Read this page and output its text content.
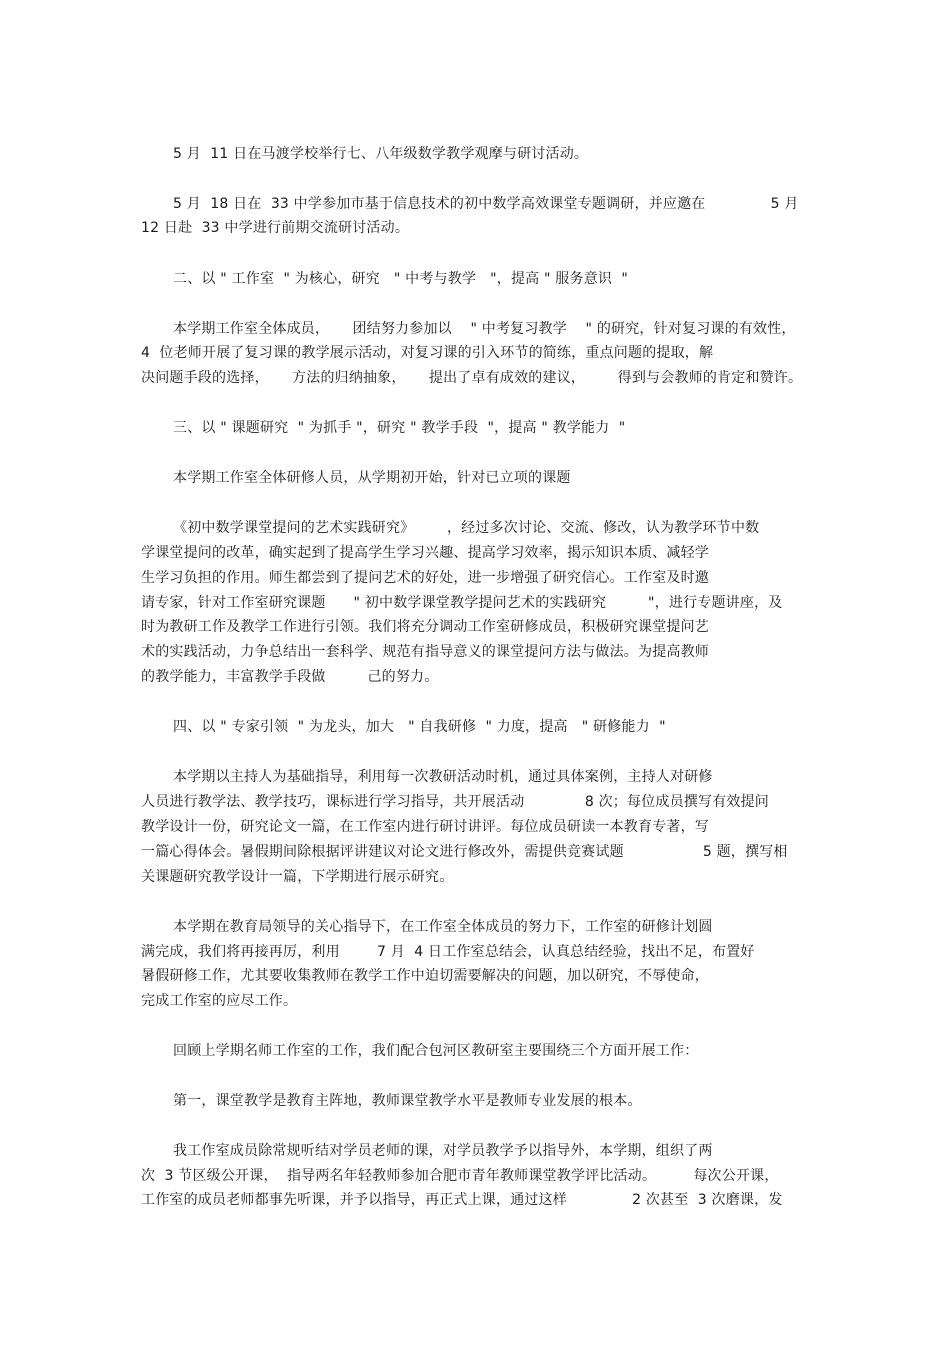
5 月  11 日在马渡学校举行七、八年级数学教学观摩与研讨活动。
5 月  18 日在  33 中学参加市基于信息技术的初中数学高效课堂专题调研，并应邀在              5 月
12 日赴  33 中学进行前期交流研讨活动。
二、以 " 工作室  " 为核心，研究   " 中考与教学   "，提高 " 服务意识  "
本学期工作室全体成员，     团结努力参加以    " 中考复习教学    " 的研究，针对复习课的有效性，
4  位老师开展了复习课的教学展示活动，对复习课的引入环节的简练，重点问题的提取，解
决问题手段的选择，     方法的归纳抽象，     提出了卓有成效的建议，       得到与会教师的肯定和赞许。
三、以 " 课题研究  " 为抓手 "，研究 " 教学手段  "，提高 " 教学能力  "
本学期工作室全体研修人员，从学期初开始，针对已立项的课题
《初中数学课堂提问的艺术实践研究》       ，经过多次讨论、交流、修改，认为教学环节中数
学课堂提问的改革，确实起到了提高学生学习兴趣、提高学习效率，揭示知识本质、减轻学
生学习负担的作用。师生都尝到了提问艺术的好处，进一步增强了研究信心。工作室及时邀
请专家，针对工作室研究课题      " 初中数学课堂教学提问艺术的实践研究         "，进行专题讲座，及
时为教研工作及教学工作进行引领。我们将充分调动工作室研修成员，积极研究课堂提问艺
术的实践活动，力争总结出一套科学、规范有指导意义的课堂提问方法与做法。为提高教师
的教学能力，丰富教学手段做         己的努力。
四、以 " 专家引领  " 为龙头，加大   " 自我研修  " 力度，提高   " 研修能力  "
本学期以主持人为基础指导，利用每一次教研活动时机，通过具体案例，主持人对研修
人员进行教学法、教学技巧，课标进行学习指导，共开展活动             8 次；每位成员撰写有效提问
教学设计一份，研究论文一篇，在工作室内进行研讨讲评。每位成员研读一本教育专著，写
一篇心得体会。暑假期间除根据评讲建议对论文进行修改外，需提供竞赛试题                 5 题，撰写相
关课题研究教学设计一篇，下学期进行展示研究。
本学期在教育局领导的关心指导下，在工作室全体成员的努力下，工作室的研修计划圆
满完成，我们将再接再厉，利用        7 月  4 日工作室总结会，认真总结经验，找出不足，布置好
暑假研修工作，尤其要收集教师在教学工作中迫切需要解决的问题，加以研究，不辱使命，
完成工作室的应尽工作。
回顾上学期名师工作室的工作，我们配合包河区教研室主要围绕三个方面开展工作：
第一，课堂教学是教育主阵地，教师课堂教学水平是教师专业发展的根本。
我工作室成员除常规听结对学员老师的课，对学员教学予以指导外，本学期，组织了两
次  3 节区级公开课，  指导两名年轻教师参加合肥市青年教师课堂教学评比活动。        每次公开课，
工作室的成员老师都事先听课，并予以指导，再正式上课，通过这样              2 次甚至  3 次磨课，发
